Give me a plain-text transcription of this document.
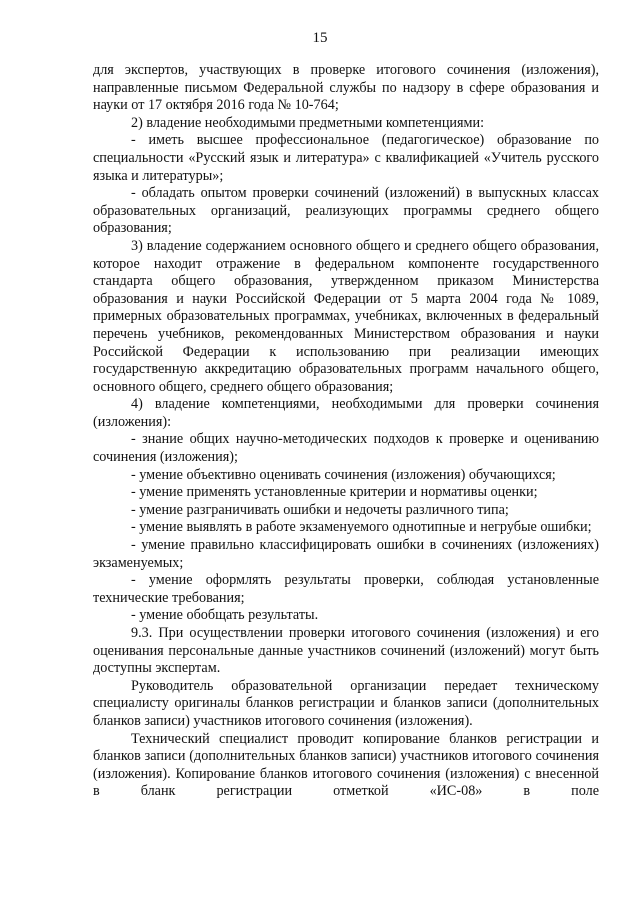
15

для экспертов, участвующих в проверке итогового сочинения (изложения), направленные письмом Федеральной службы по надзору в сфере образования и науки от 17 октября 2016 года № 10-764;

2) владение необходимыми предметными компетенциями:

- иметь высшее профессиональное (педагогическое) образование по специальности «Русский язык и литература» с квалификацией «Учитель русского языка и литературы»;

- обладать опытом проверки сочинений (изложений) в выпускных классах образовательных организаций, реализующих программы среднего общего образования;

3) владение содержанием основного общего и среднего общего образования, которое находит отражение в федеральном компоненте государственного стандарта общего образования, утвержденном приказом Министерства образования и науки Российской Федерации от 5 марта 2004 года № 1089, примерных образовательных программах, учебниках, включенных в федеральный перечень учебников, рекомендованных Министерством образования и науки Российской Федерации к использованию при реализации имеющих государственную аккредитацию образовательных программ начального общего, основного общего, среднего общего образования;

4) владение компетенциями, необходимыми для проверки сочинения (изложения):

- знание общих научно-методических подходов к проверке и оцениванию сочинения (изложения);

- умение объективно оценивать сочинения (изложения) обучающихся;

- умение применять установленные критерии и нормативы оценки;

- умение разграничивать ошибки и недочеты различного типа;

- умение выявлять в работе экзаменуемого однотипные и негрубые ошибки;

- умение правильно классифицировать ошибки в сочинениях (изложениях) экзаменуемых;

- умение оформлять результаты проверки, соблюдая установленные технические требования;

- умение обобщать результаты.

9.3. При осуществлении проверки итогового сочинения (изложения) и его оценивания персональные данные участников сочинений (изложений) могут быть доступны экспертам.

Руководитель образовательной организации передает техническому специалисту оригиналы бланков регистрации и бланков записи (дополнительных бланков записи) участников итогового сочинения (изложения).

Технический специалист проводит копирование бланков регистрации и бланков записи (дополнительных бланков записи) участников итогового сочинения (изложения). Копирование бланков итогового сочинения (изложения) с внесенной в бланк регистрации отметкой «ИС-08» в поле
